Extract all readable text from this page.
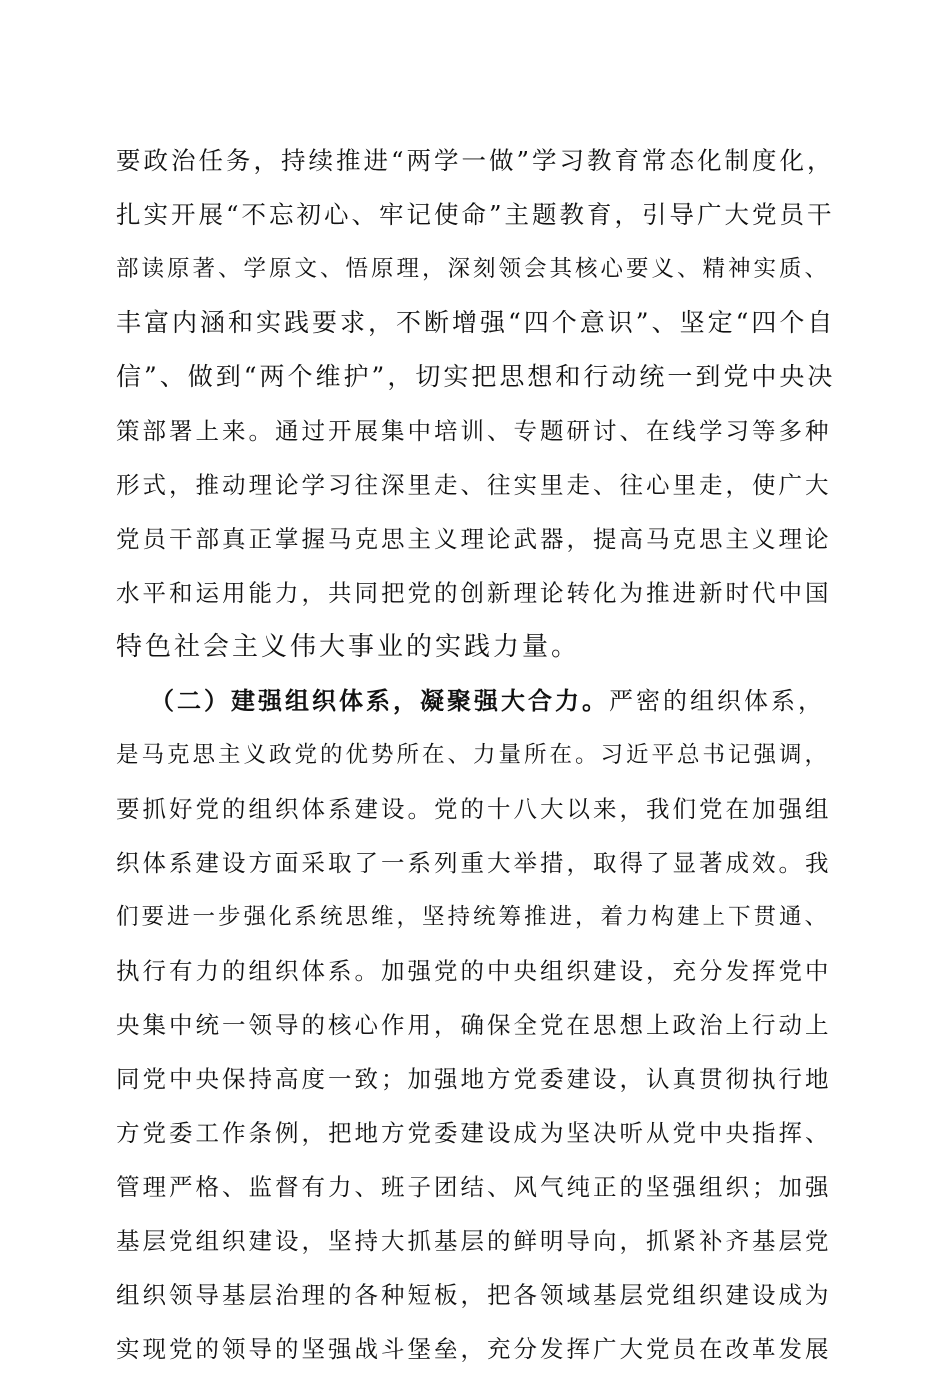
要政治任务，持续推进“两学一做”学习教育常态化制度化，
扎实开展“不忘初心、牢记使命”主题教育，引导广大党员干
部读原著、学原文、悟原理，深刻领会其核心要义、精神实质、
丰富内涵和实践要求，不断增强“四个意识”、坚定“四个自
信”、做到“两个维护”，切实把思想和行动统一到党中央决
策部署上来。通过开展集中培训、专题研讨、在线学习等多种
形式，推动理论学习往深里走、往实里走、往心里走，使广大
党员干部真正掌握马克思主义理论武器，提高马克思主义理论
水平和运用能力，共同把党的创新理论转化为推进新时代中国
特色社会主义伟大事业的实践力量。
（二）建强组织体系，凝聚强大合力。严密的组织体系，
是马克思主义政党的优势所在、力量所在。习近平总书记强调，
要抓好党的组织体系建设。党的十八大以来，我们党在加强组
织体系建设方面采取了一系列重大举措，取得了显著成效。我
们要进一步强化系统思维，坚持统筹推进，着力构建上下贯通、
执行有力的组织体系。加强党的中央组织建设，充分发挥党中
央集中统一领导的核心作用，确保全党在思想上政治上行动上
同党中央保持高度一致；加强地方党委建设，认真贯彻执行地
方党委工作条例，把地方党委建设成为坚决听从党中央指挥、
管理严格、监督有力、班子团结、风气纯正的坚强组织；加强
基层党组织建设，坚持大抓基层的鲜明导向，抓紧补齐基层党
组织领导基层治理的各种短板，把各领域基层党组织建设成为
实现党的领导的坚强战斗堡垒，充分发挥广大党员在改革发展
